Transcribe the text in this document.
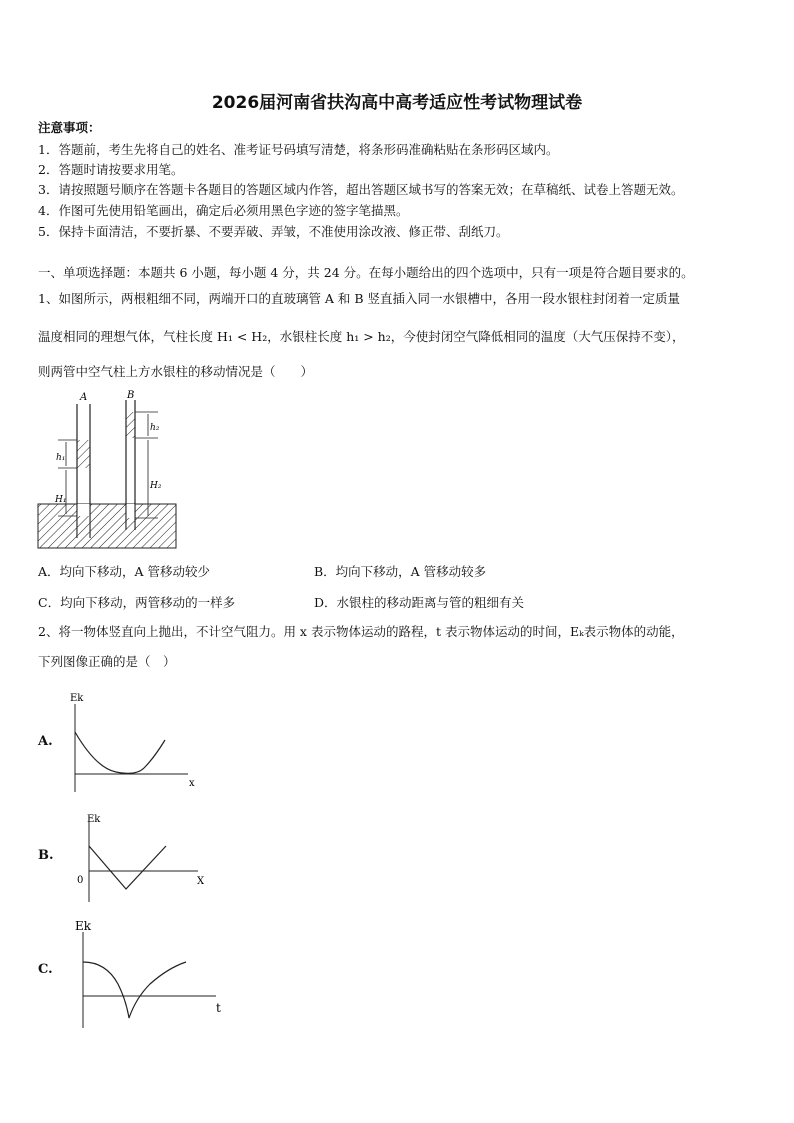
2026届河南省扶沟高中高考适应性考试物理试卷
注意事项：
1．答题前，考生先将自己的姓名、准考证号码填写清楚，将条形码准确粘贴在条形码区域内。
2．答题时请按要求用笔。
3．请按照题号顺序在答题卡各题目的答题区域内作答，超出答题区域书写的答案无效；在草稿纸、试卷上答题无效。
4．作图可先使用铅笔画出，确定后必须用黑色字迹的签字笔描黑。
5．保持卡面清洁，不要折暴、不要弄破、弄皱，不准使用涂改液、修正带、刮纸刀。
一、单项选择题：本题共 6 小题，每小题 4 分，共 24 分。在每小题给出的四个选项中，只有一项是符合题目要求的。
1、如图所示，两根粗细不同，两端开口的直玻璃管 A 和 B 竖直插入同一水银槽中，各用一段水银柱封闭着一定质量
温度相同的理想气体，气柱长度 H₁ < H₂，水银柱长度 h₁ > h₂，今使封闭空气降低相同的温度（大气压保持不变），
则两管中空气柱上方水银柱的移动情况是（　　）
A	B
h₁
h₂
H₁
H₂
A．均向下移动，A 管移动较少	B．均向下移动，A 管移动较多
C．均向下移动，两管移动的一样多	D．水银柱的移动距离与管的粗细有关
2、将一物体竖直向上抛出，不计空气阻力。用 x 表示物体运动的路程，t 表示物体运动的时间，Eₖ表示物体的动能，
下列图像正确的是（　）
A.
Ek
x
B.
Ek
0	X
C.
Ek
t
